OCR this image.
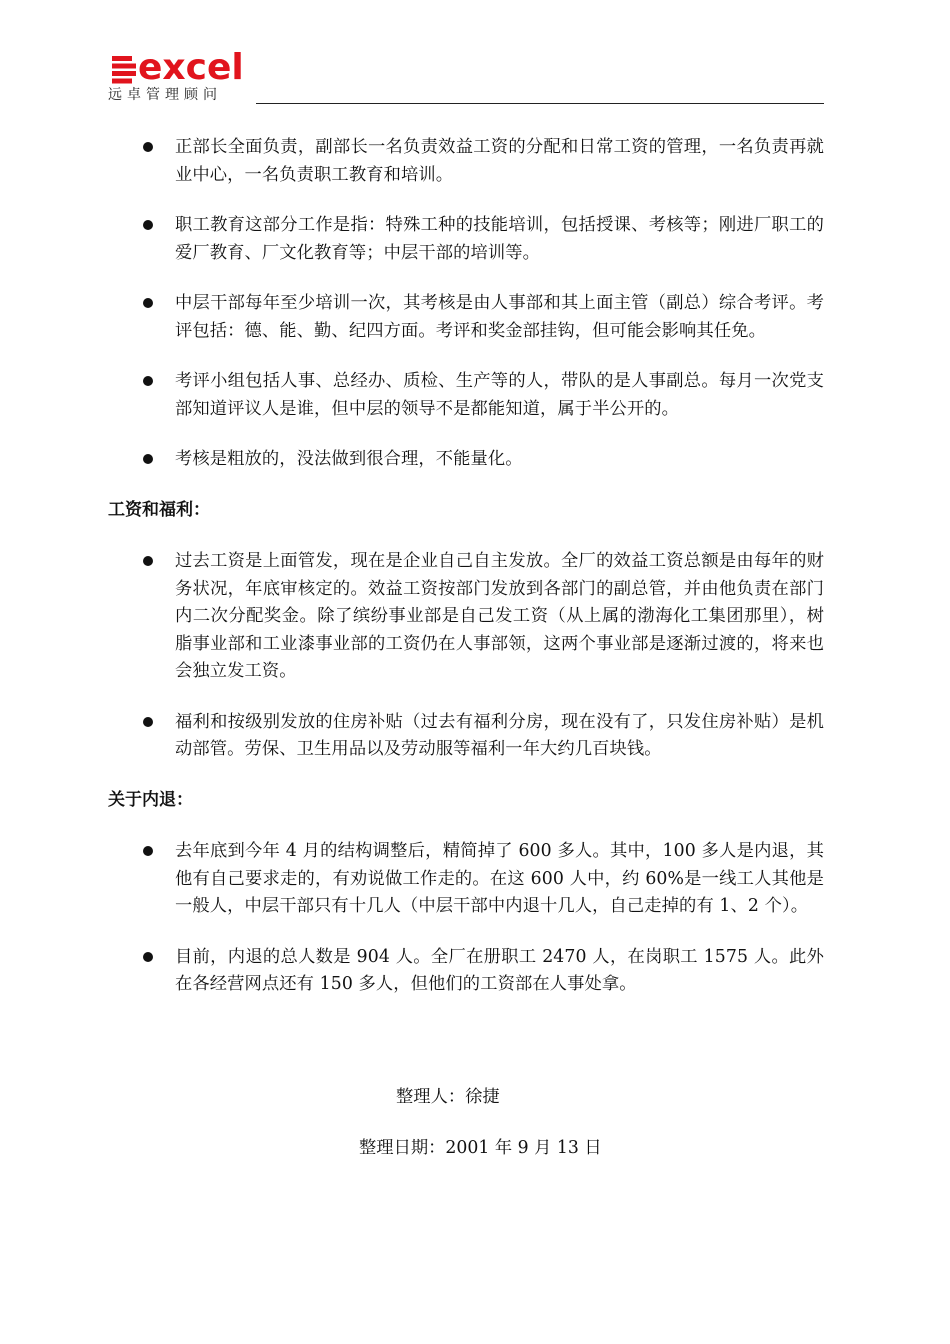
excel
远卓管理顾问
正部长全面负责，副部长一名负责效益工资的分配和日常工资的管理，一名负责再就业中心，一名负责职工教育和培训。
职工教育这部分工作是指：特殊工种的技能培训，包括授课、考核等；刚进厂职工的爱厂教育、厂文化教育等；中层干部的培训等。
中层干部每年至少培训一次，其考核是由人事部和其上面主管（副总）综合考评。考评包括：德、能、勤、纪四方面。考评和奖金部挂钩，但可能会影响其任免。
考评小组包括人事、总经办、质检、生产等的人，带队的是人事副总。每月一次党支部知道评议人是谁，但中层的领导不是都能知道，属于半公开的。
考核是粗放的，没法做到很合理，不能量化。
工资和福利：
过去工资是上面管发，现在是企业自己自主发放。全厂的效益工资总额是由每年的财务状况，年底审核定的。效益工资按部门发放到各部门的副总管，并由他负责在部门内二次分配奖金。除了缤纷事业部是自己发工资（从上属的渤海化工集团那里），树脂事业部和工业漆事业部的工资仍在人事部领，这两个事业部是逐渐过渡的，将来也会独立发工资。
福利和按级别发放的住房补贴（过去有福利分房，现在没有了，只发住房补贴）是机动部管。劳保、卫生用品以及劳动服等福利一年大约几百块钱。
关于内退：
去年底到今年 4 月的结构调整后，精简掉了 600 多人。其中，100 多人是内退，其他有自己要求走的，有劝说做工作走的。在这 600 人中，约 60%是一线工人其他是一般人，中层干部只有十几人（中层干部中内退十几人，自己走掉的有 1、2 个）。
目前，内退的总人数是 904 人。全厂在册职工 2470 人，在岗职工 1575 人。此外在各经营网点还有 150 多人，但他们的工资部在人事处拿。
整理人：徐捷
整理日期：2001 年 9 月 13 日
